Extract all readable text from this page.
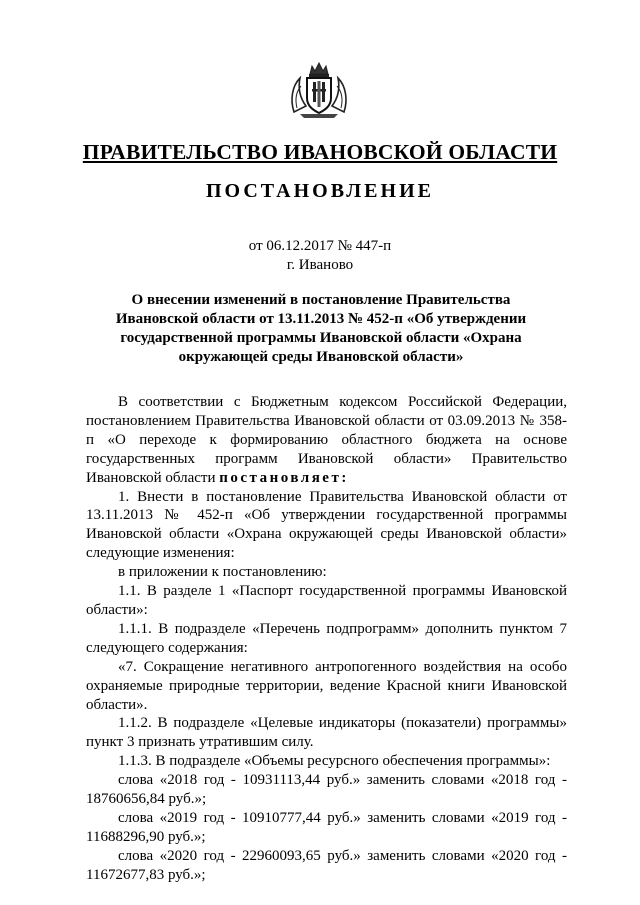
ПРАВИТЕЛЬСТВО ИВАНОВСКОЙ ОБЛАСТИ
ПОСТАНОВЛЕНИЕ
от 06.12.2017 № 447-п
г. Иваново
О внесении изменений в постановление Правительства Ивановской области от 13.11.2013 № 452-п «Об утверждении государственной программы Ивановской области «Охрана окружающей среды Ивановской области»

В соответствии с Бюджетным кодексом Российской Федерации, постановлением Правительства Ивановской области от 03.09.2013 № 358-п «О переходе к формированию областного бюджета на основе государственных программ Ивановской области» Правительство Ивановской области постановляет:

1. Внести в постановление Правительства Ивановской области от 13.11.2013 № 452-п «Об утверждении государственной программы Ивановской области «Охрана окружающей среды Ивановской области» следующие изменения:

в приложении к постановлению:

1.1. В разделе 1 «Паспорт государственной программы Ивановской области»:

1.1.1. В подразделе «Перечень подпрограмм» дополнить пунктом 7 следующего содержания:

«7. Сокращение негативного антропогенного воздействия на особо охраняемые природные территории, ведение Красной книги Ивановской области».

1.1.2. В подразделе «Целевые индикаторы (показатели) программы» пункт 3 признать утратившим силу.

1.1.3. В подразделе «Объемы ресурсного обеспечения программы»:

слова «2018 год - 10931113,44 руб.» заменить словами «2018 год - 18760656,84 руб.»;

слова «2019 год - 10910777,44 руб.» заменить словами «2019 год - 11688296,90 руб.»;

слова «2020 год - 22960093,65 руб.» заменить словами «2020 год - 11672677,83 руб.»;
